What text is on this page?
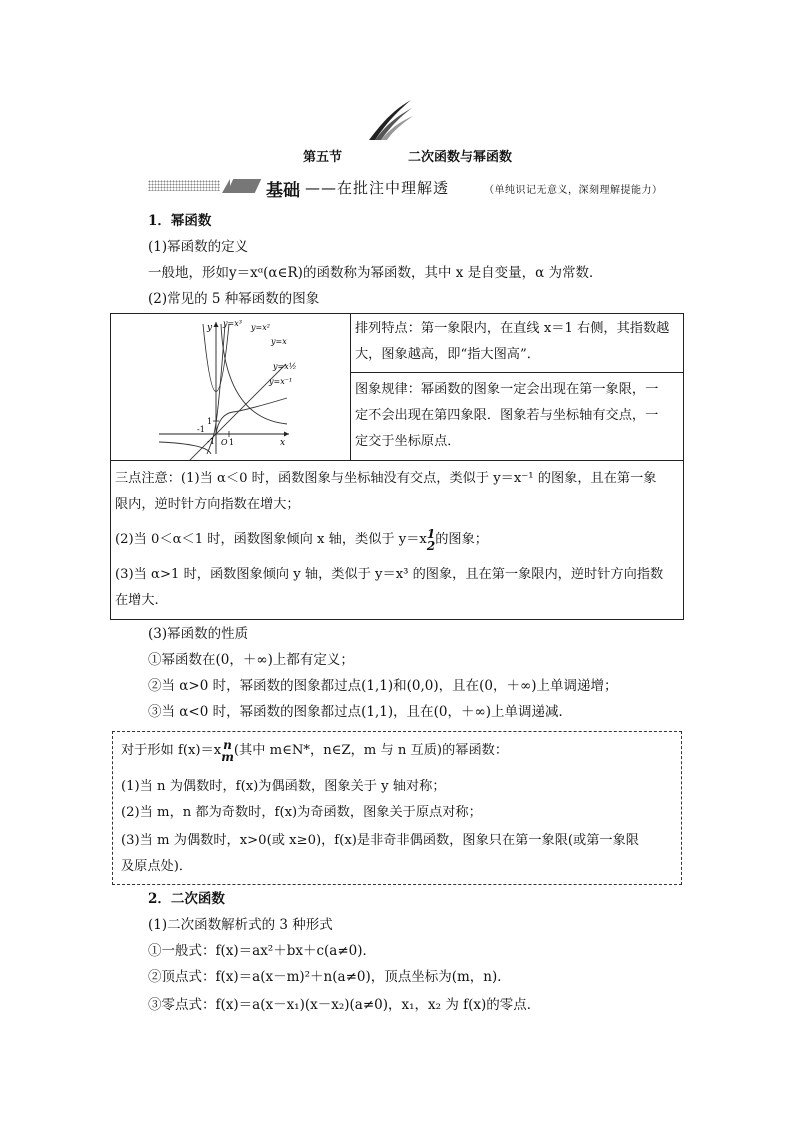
第五节	二次函数与幂函数
基础 ——在批注中理解透	（单纯识记无意义，深刻理解提能力）
1．幂函数
(1)幂函数的定义
一般地，形如y＝xᵅ(α∈R)的函数称为幂函数，其中 x 是自变量，α 为常数．
(2)常见的 5 种幂函数的图象
y
x
y=x³ y=x²
y=x
y=x½
y=x⁻¹
1
-1
O 1
-1
排列特点：第一象限内，在直线 x＝1 右侧，其指数越
大，图象越高，即“指大图高”．
图象规律：幂函数的图象一定会出现在第一象限，一
定不会出现在第四象限．图象若与坐标轴有交点，一
定交于坐标原点．
三点注意：(1)当 α＜0 时，函数图象与坐标轴没有交点，类似于 y＝x⁻¹ 的图象，且在第一象
限内，逆时针方向指数在增大；
(2)当 0＜α＜1 时，函数图象倾向 x 轴，类似于 y＝x 1
2 的图象；
(3)当 α>1 时，函数图象倾向 y 轴，类似于 y＝x³ 的图象，且在第一象限内，逆时针方向指数
在增大.
(3)幂函数的性质
①幂函数在(0，＋∞)上都有定义；
②当 α>0 时，幂函数的图象都过点(1,1)和(0,0)，且在(0，＋∞)上单调递增；
③当 α<0 时，幂函数的图象都过点(1,1)，且在(0，＋∞)上单调递减．
对于形如 f(x)＝x n
m (其中 m∈N*，n∈Z，m 与 n 互质)的幂函数：
(1)当 n 为偶数时，f(x)为偶函数，图象关于 y 轴对称；
(2)当 m，n 都为奇数时，f(x)为奇函数，图象关于原点对称；
(3)当 m 为偶数时，x>0(或 x≥0)，f(x)是非奇非偶函数，图象只在第一象限(或第一象限
及原点处)．
2．二次函数
(1)二次函数解析式的 3 种形式
①一般式：f(x)＝ax²＋bx＋c(a≠0)．
②顶点式：f(x)＝a(x－m)²＋n(a≠0)，顶点坐标为(m，n)．
③零点式：f(x)＝a(x－x₁)(x－x₂)(a≠0)，x₁，x₂ 为 f(x)的零点．
